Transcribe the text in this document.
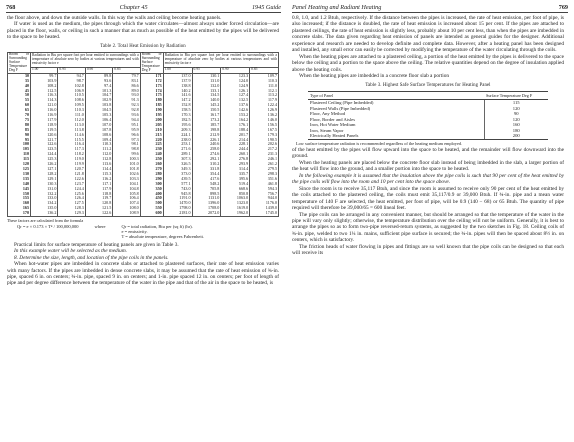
768	Chapter 45	1945 Guide Panel Heating and Radiant Heating	769

the floor above, and down the outside walls. In this way the walls and ceiling become heating panels.

If water is used as the medium, the pipes through which the water circulates—almost always under forced circulation—are placed in the floor, walls, or ceiling in such a manner that as much as possible of the heat emitted by the pipes will be delivered to the space to be heated.

Table 2. Total Heat Emission by Radiation
Room or Surrounding Surface Temperature Deg F	Radiation in Btu per square foot per hour emitted to surroundings with a temperature of absolute zero by bodies at various temperatures and with emissivity factor e				Room or Surrounding Surface Temperature Deg F	Radiation in Btu per square foot per hour emitted to surroundings with a temperature of absolute zero by bodies at various temperatures and with emissivity factor e			
	1.00	0.95	0.90	0.85		1.00	0.95	0.90	0.85
30	99.7	94.7	89.8	79.7	171	137.0	130.1	123.3	109.7
35	103.9	98.7	93.6	83.1	172	137.9	131.0	124.0	110.3
40	108.2	102.8	97.4	86.6	173	138.8	132.0	124.9	111.0
45	112.5	106.9	101.3	89.0	174	140.2	133.1	126.1	112.1
50	116.3	110.5	104.7	93.0	175	141.6	134.5	127.4	113.2
55	114.3	108.6	102.9	91.3	180	147.2	140.0	132.5	117.9
60	121.0	109.5	103.8	92.3	185	152.8	145.2	137.6	122.4
65	116.0	110.3	104.5	92.8	190	158.5	150.5	142.6	126.9
70	116.9	111.0	105.3	93.6	195	170.3	161.7	153.2	136.2
75	117.9	112.0	106.4	94.4	200	182.5	173.2	164.2	146.0
80	118.9	113.0	107.0	95.1	205	195.6	185.7	176.1	156.5
85	119.5	113.8	107.8	95.9	210	209.3	198.8	188.4	167.5
90	120.6	114.6	108.6	96.6	215	224.1	212.9	201.7	179.3
95	121.7	115.5	109.4	97.3	220	238.0	226.1	214.4	190.5
100	122.6	116.4	110.3	98.1	225	253.1	240.6	228.1	202.6
105	123.5	117.3	111.2	98.8	230	271.6	258.0	244.4	217.2
110	124.4	118.2	112.0	99.6	240	289.1	274.6	260.1	231.3
115	125.3	119.0	112.8	100.3	250	307.3	292.1	276.8	246.1
120	126.2	119.9	113.6	101.0	260	326.5	310.2	293.9	261.2
125	127.1	120.7	114.4	101.8	270	349.3	331.8	314.4	279.5
130	128.2	121.8	115.3	102.6	280	373.0	354.4	335.7	298.3
135	129.1	122.6	116.2	103.3	290	439.5	417.6	395.6	351.6
140	130.3	123.7	117.1	104.1	300	577.1	548.2	519.4	461.8
145	131.0	124.4	117.9	104.8	350	743.0	705.8	668.6	594.3
150	132.2	125.6	118.8	105.8	400	945.8	898.5	850.8	756.7
155	133.0	126.4	119.7	106.4	450	1191.0	1131.0	1063.0	944.0
160	134.2	127.5	120.8	107.4	500	1470.0	1396.0	1323.0	1176.0
165	135.0	128.3	121.5	108.0	550	1798.0	1708.0	1619.0	1439.0
170	136.2	129.3	122.6	108.9	600	2181.0	2072.0	1962.0	1745.0
These factors are calculated from the formula
Qr = e × 0.173 × T⁴ / 100,000,000	where	Qr = total radiation, Btu per (sq ft) (hr).
e = emissivity.
T = absolute temperature, degrees Fahrenheit.

Practical limits for surface temperature of heating panels are given in Table 3.

In this example water will be selected as the medium.

8. Determine the size, length, and location of the pipe coils in the panels.

When hot-water pipes are imbedded in concrete slabs or attached to plastered surfaces, their rate of heat emission varies with many factors. If the pipes are imbedded in dense concrete slabs, it may be assumed that the rate of heat emission of ¾-in. pipe, spaced 6 in. on centers; ¾-in. pipe, spaced 9 in. on centers; and 1-in. pipe spaced 12 in. on centers; per foot of length of pipe and per degree difference between the temperature of the water in the pipe and that of the air in the space to be heated, is

0.8, 1.0, and 1.2 Btuh, respectively. If the distance between the pipes is increased, the rate of heat emission, per foot of pipe, is also increased; if the distance is doubled, the rate of heat emission is increased about 15 per cent. If the pipes are attached to plastered ceilings, the rate of heat emission is slightly less, probably about 10 per cent less, than when the pipes are imbedded in concrete slabs. The data given regarding heat emission of panels are intended as general guides for the designer. Additional experience and research are needed to develop definite and complete data. However, after a heating panel has been designed and installed, any small error can easily be corrected by modifying the temperature of the water circulating through the coils.

When the heating pipes are attached to a plastered ceiling, a portion of the heat emitted by the pipes is delivered to the space below the ceiling and a portion to the space above the ceiling. The relative quantities depend on the degree of insulation applied above the heating coils.

When the heating pipes are imbedded in a concrete floor slab a portion

Table 3. Highest Safe Surface Temperatures for Heating Panel
Type of Panel	Surface Temperature Deg F
Plastered Ceiling (Pipe Imbedded)	115
Plastered Walls (Pipe Imbedded)	120
Floor, Any Method	90
Floor, Border and Aisles	120
Iron, Hot Water Medium	160
Iron, Steam Vapor	180
Electrically Heated Panels	200
Low surface temperature radiation is recommended regardless of the heating medium employed.

of the heat emitted by the pipes will flow upward into the space to be heated, and the remainder will flow downward into the ground.

When the heating panels are placed below the concrete floor slab instead of being imbedded in the slab, a larger portion of the heat will flow into the ground, and a smaller portion into the space to be heated.

In the following example it is assumed that the insulation above the pipe coils is such that 90 per cent of the heat emitted by the pipe coils will flow into the room and 10 per cent into the space above.

Since the room is to receive 35,117 Btuh, and since the room is assumed to receive only 90 per cent of the heat emitted by the coils attached to the plastered ceiling, the coils must emit 35,117/0.9 or 39,000 Btuh. If ¾-in. pipe and a mean water temperature of 140 F are selected, the heat emitted, per foot of pipe, will be 0.9 (140 − 68) or 65 Btuh. The quantity of pipe required will therefore be 39,000/65 = 600 lineal feet.

The pipe coils can be arranged in any convenient manner, but should be arranged so that the temperature of the water in the pipe will vary only slightly; otherwise, the temperature distribution over the ceiling will not be uniform. Generally, it is best to arrange the pipes so as to form two-pipe reversed-return systems, as suggested by the two sketches in Fig. 18. Ceiling coils of ¾-in. pipe, welded to two 1¼ in. mains, sufficient pipe surface is secured; the ¾-in. pipes will then be spaced about 8½ in. on centers, which is satisfactory.

The friction heads of water flowing in pipes and fittings are so well known that the pipe coils can be designed so that each will receive its
